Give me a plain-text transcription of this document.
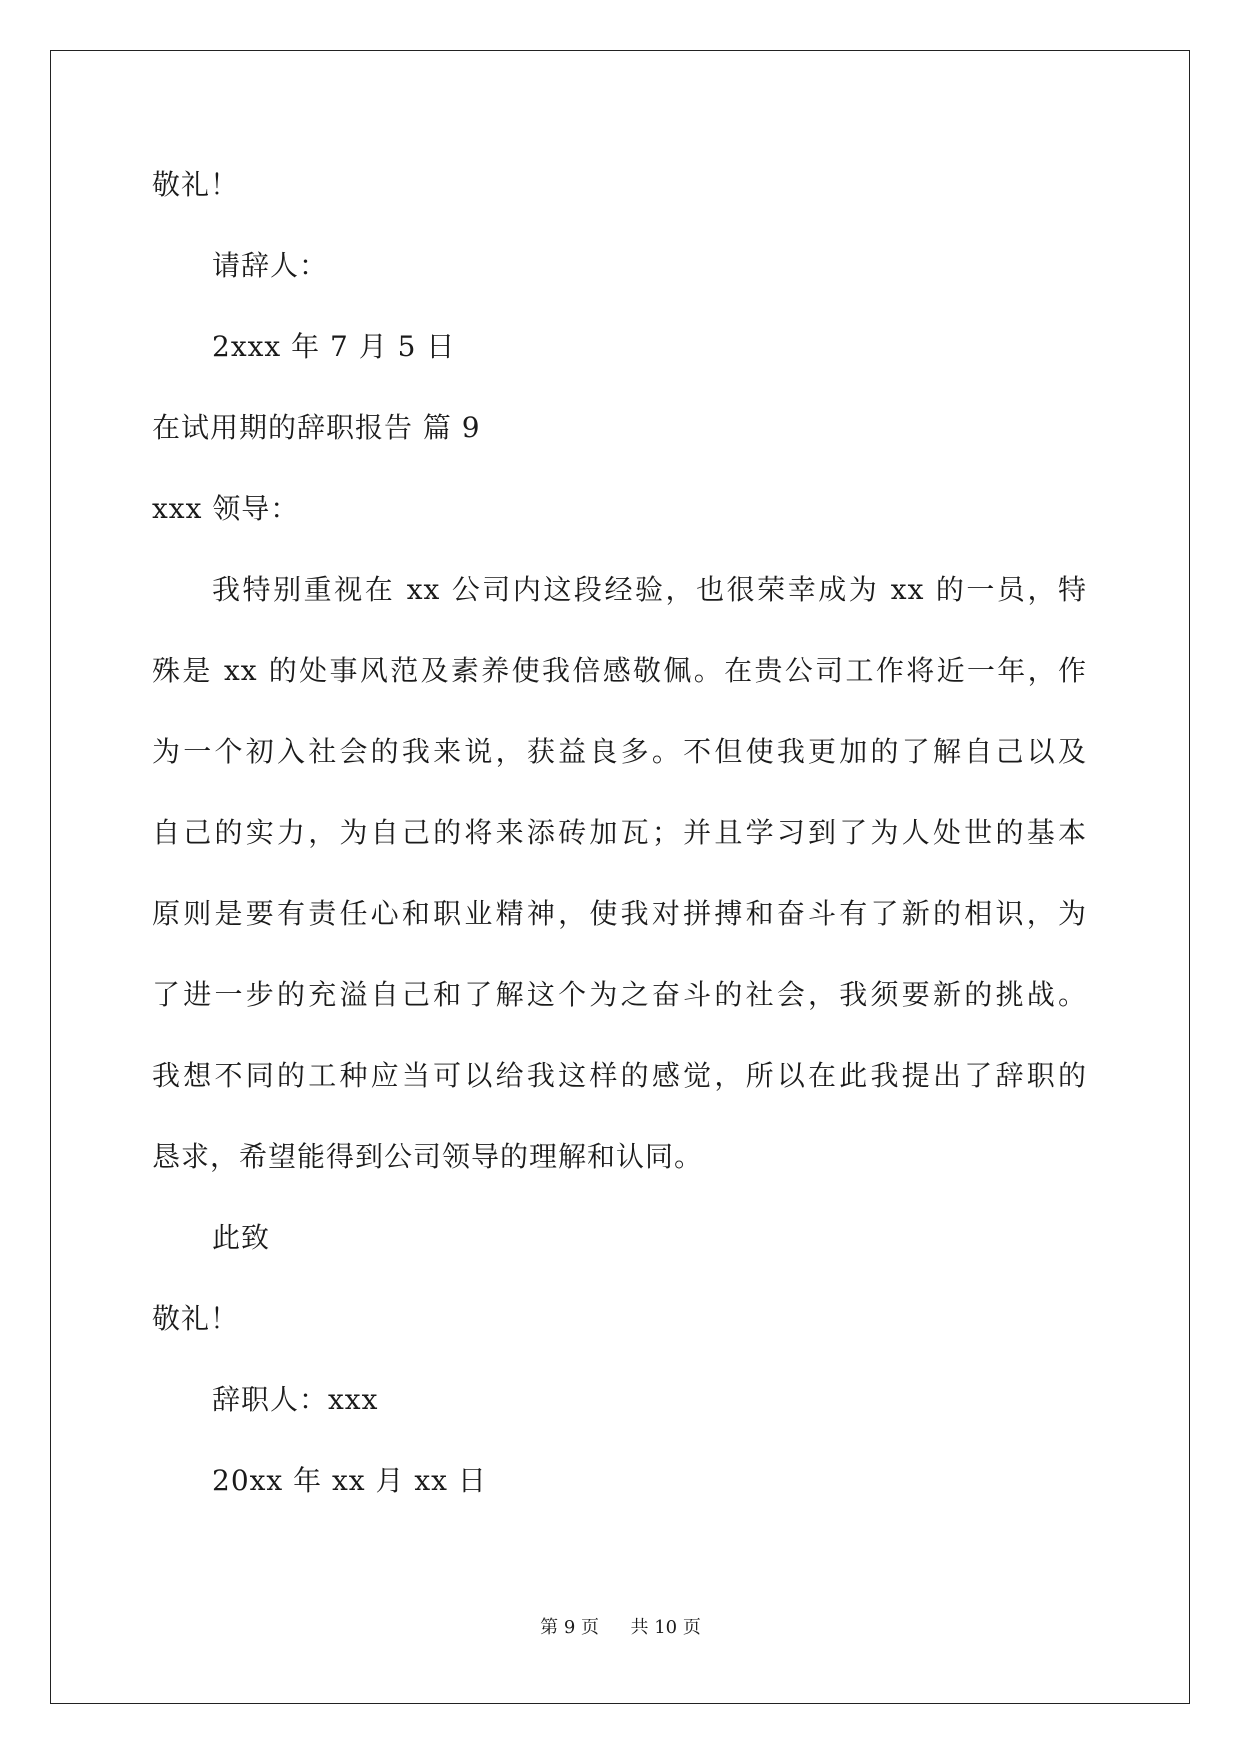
敬礼！
请辞人：
2xxx 年 7 月 5 日
在试用期的辞职报告 篇 9
xxx 领导：
我特别重视在 xx 公司内这段经验，也很荣幸成为 xx 的一员，特
殊是 xx 的处事风范及素养使我倍感敬佩。在贵公司工作将近一年，作
为一个初入社会的我来说，获益良多。不但使我更加的了解自己以及
自己的实力，为自己的将来添砖加瓦；并且学习到了为人处世的基本
原则是要有责任心和职业精神，使我对拼搏和奋斗有了新的相识，为
了进一步的充溢自己和了解这个为之奋斗的社会，我须要新的挑战。
我想不同的工种应当可以给我这样的感觉，所以在此我提出了辞职的
恳求，希望能得到公司领导的理解和认同。
此致
敬礼！
辞职人：xxx
20xx 年 xx 月 xx 日
第 9 页 共 10 页
